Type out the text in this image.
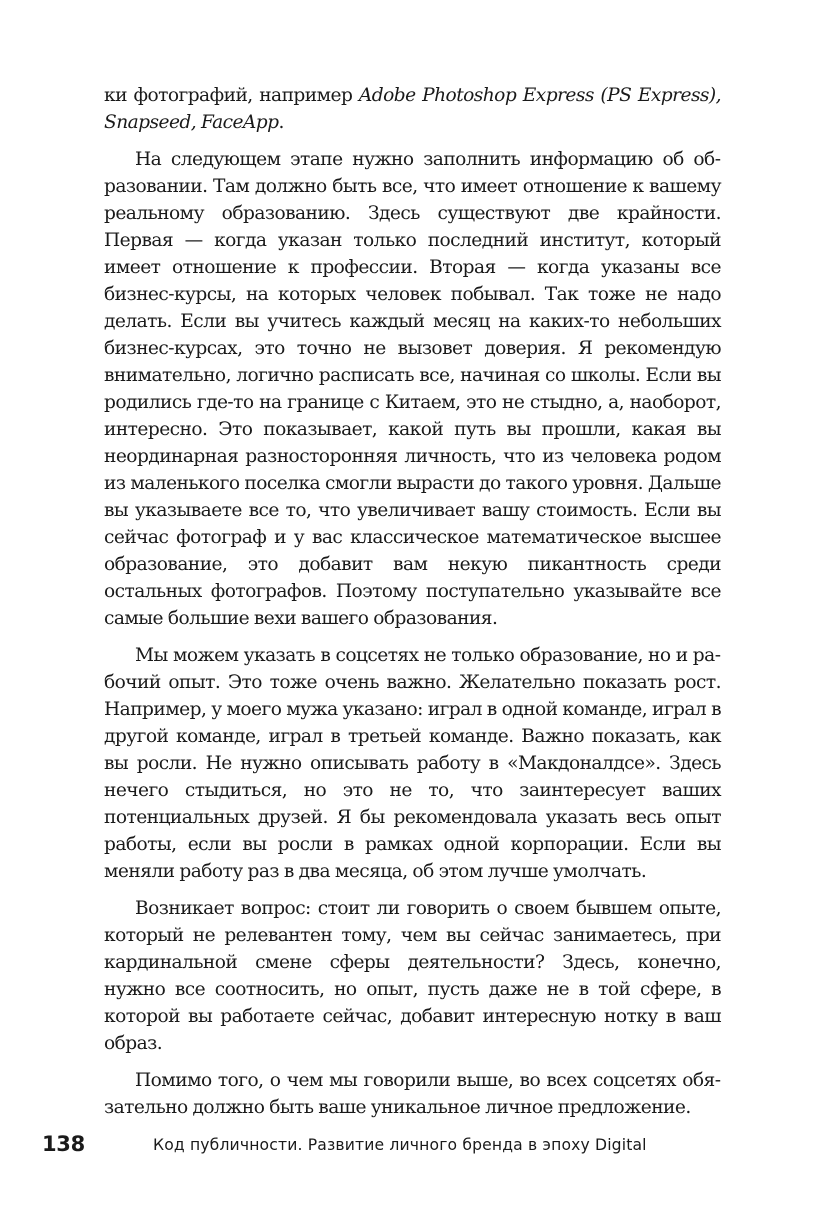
ки фотографий, например Adobe Photoshop Express (PS Express), Snapseed, FaceApp.

На следующем этапе нужно заполнить информацию об образовании. Там должно быть все, что имеет отношение к вашему реальному образованию. Здесь существуют две крайности. Первая — когда указан только последний институт, который имеет отношение к профессии. Вторая — когда указаны все бизнес-курсы, на которых человек побывал. Так тоже не надо делать. Если вы учитесь каждый месяц на каких-то небольших бизнес-курсах, это точно не вызовет доверия. Я рекомендую внимательно, логично расписать все, начиная со школы. Если вы родились где-то на границе с Китаем, это не стыдно, а, наоборот, интересно. Это показывает, какой путь вы прошли, какая вы неординарная разносторонняя личность, что из человека родом из маленького поселка смогли вырасти до такого уровня. Дальше вы указываете все то, что увеличивает вашу стоимость. Если вы сейчас фотограф и у вас классическое математическое высшее образование, это добавит вам некую пикантность среди остальных фотографов. Поэтому поступательно указывайте все самые большие вехи вашего образования.

Мы можем указать в соцсетях не только образование, но и рабочий опыт. Это тоже очень важно. Желательно показать рост. Например, у моего мужа указано: играл в одной команде, играл в другой команде, играл в третьей команде. Важно показать, как вы росли. Не нужно описывать работу в «Макдоналдсе». Здесь нечего стыдиться, но это не то, что заинтересует ваших потенциальных друзей. Я бы рекомендовала указать весь опыт работы, если вы росли в рамках одной корпорации. Если вы меняли работу раз в два месяца, об этом лучше умолчать.

Возникает вопрос: стоит ли говорить о своем бывшем опыте, который не релевантен тому, чем вы сейчас занимаетесь, при кардинальной смене сферы деятельности? Здесь, конечно, нужно все соотносить, но опыт, пусть даже не в той сфере, в которой вы работаете сейчас, добавит интересную нотку в ваш образ.

Помимо того, о чем мы говорили выше, во всех соцсетях обязательно должно быть ваше уникальное личное предложение.

138	Код публичности. Развитие личного бренда в эпоху Digital
